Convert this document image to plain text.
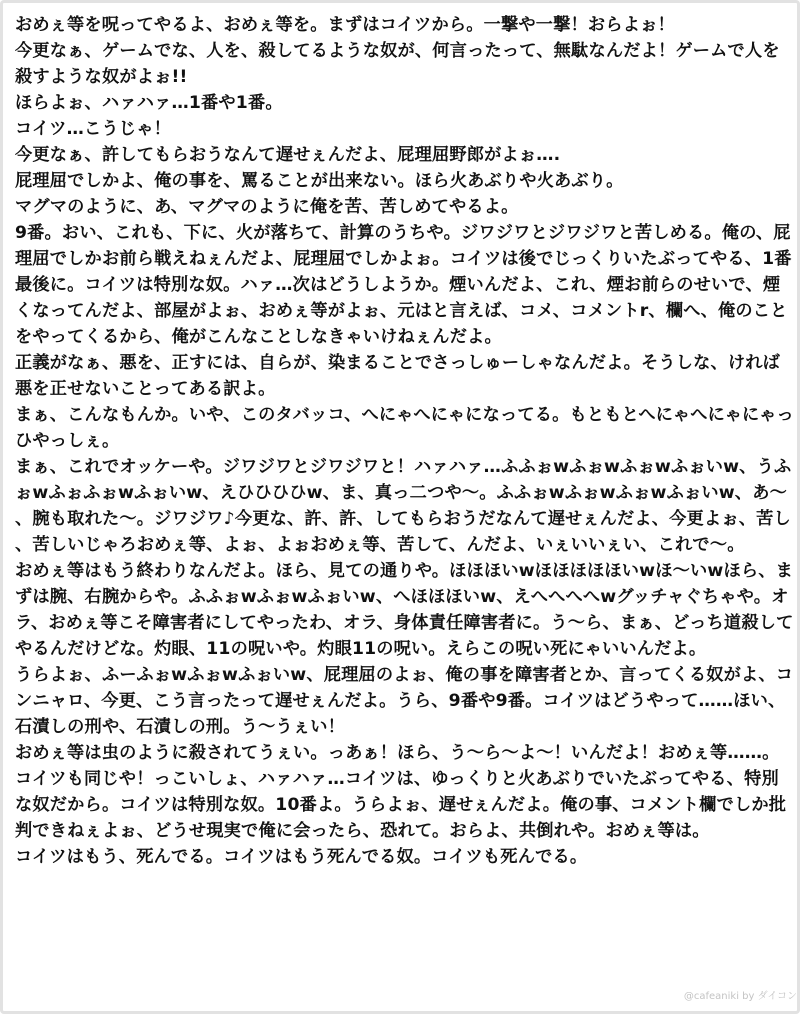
おめぇ等を呪ってやるよ、おめぇ等を。まずはコイツから。一撃や一撃！おらよぉ！

今更なぁ、ゲームでな、人を、殺してるような奴が、何言ったって、無駄なんだよ！ゲームで人を殺すような奴がよぉ!!

ほらよぉ、ハァハァ…1番や1番。

コイツ…こうじゃ！

今更なぁ、許してもらおうなんて遅せぇんだよ、屁理屈野郎がよぉ….

屁理屈でしかよ、俺の事を、罵ることが出来ない。ほら火あぶりや火あぶり。

マグマのように、あ、マグマのように俺を苦、苦しめてやるよ。

9番。おい、これも、下に、火が落ちて、計算のうちや。ジワジワとジワジワと苦しめる。俺の、屁理屈でしかお前ら戦えねぇんだよ、屁理屈でしかよぉ。コイツは後でじっくりいたぶってやる、1番最後に。コイツは特別な奴。ハァ…次はどうしようか。煙いんだよ、これ、煙お前らのせいで、煙くなってんだよ、部屋がよぉ、おめぇ等がよぉ、元はと言えば、コメ、コメントr、欄へ、俺のことをやってくるから、俺がこんなことしなきゃいけねぇんだよ。

正義がなぁ、悪を、正すには、自らが、染まることでさっしゅーしゃなんだよ。そうしな、ければ悪を正せないことってある訳よ。

まぁ、こんなもんか。いや、このタバッコ、へにゃへにゃになってる。もともとへにゃへにゃにゃっひやっしぇ。

まぁ、これでオッケーや。ジワジワとジワジワと！ハァハァ…ふふぉwふぉwふぉwふぉいw、うふぉwふぉふぉwふぉいw、えひひひひw、ま、真っ二つや〜。ふふぉwふぉwふぉwふぉいw、あ〜、腕も取れた〜。ジワジワ♪今更な、許、許、してもらおうだなんて遅せぇんだよ、今更よぉ、苦し、苦しいじゃろおめぇ等、よぉ、よぉおめぇ等、苦して、んだよ、いぇいいぇい、これで〜。

おめぇ等はもう終わりなんだよ。ほら、見ての通りや。ほほほいwほほほほほいwほ〜いwほら、まずは腕、右腕からや。ふふぉwふぉwふぉいw、へほほほいw、えへへへへwグッチャぐちゃや。オラ、おめぇ等こそ障害者にしてやったわ、オラ、身体責任障害者に。う〜ら、まぁ、どっち道殺してやるんだけどな。灼眼、11の呪いや。灼眼11の呪い。えらこの呪い死にゃいいんだよ。

うらよぉ、ふーふぉwふぉwふぉいw、屁理屈のよぉ、俺の事を障害者とか、言ってくる奴がよ、コンニャロ、今更、こう言ったって遅せぇんだよ。うら、9番や9番。コイツはどうやって……ほい、石漬しの刑や、石漬しの刑。う〜うぇい！

おめぇ等は虫のように殺されてうぇい。っあぁ！ほら、う〜ら〜よ〜！いんだよ！おめぇ等……。

コイツも同じや！っこいしょ、ハァハァ…コイツは、ゆっくりと火あぶりでいたぶってやる、特別な奴だから。コイツは特別な奴。10番よ。うらよぉ、遅せぇんだよ。俺の事、コメント欄でしか批判できねぇよぉ、どうせ現実で俺に会ったら、恐れて。おらよ、共倒れや。おめぇ等は。

コイツはもう、死んでる。コイツはもう死んでる奴。コイツも死んでる。

@cafeaniki by ダイコン
